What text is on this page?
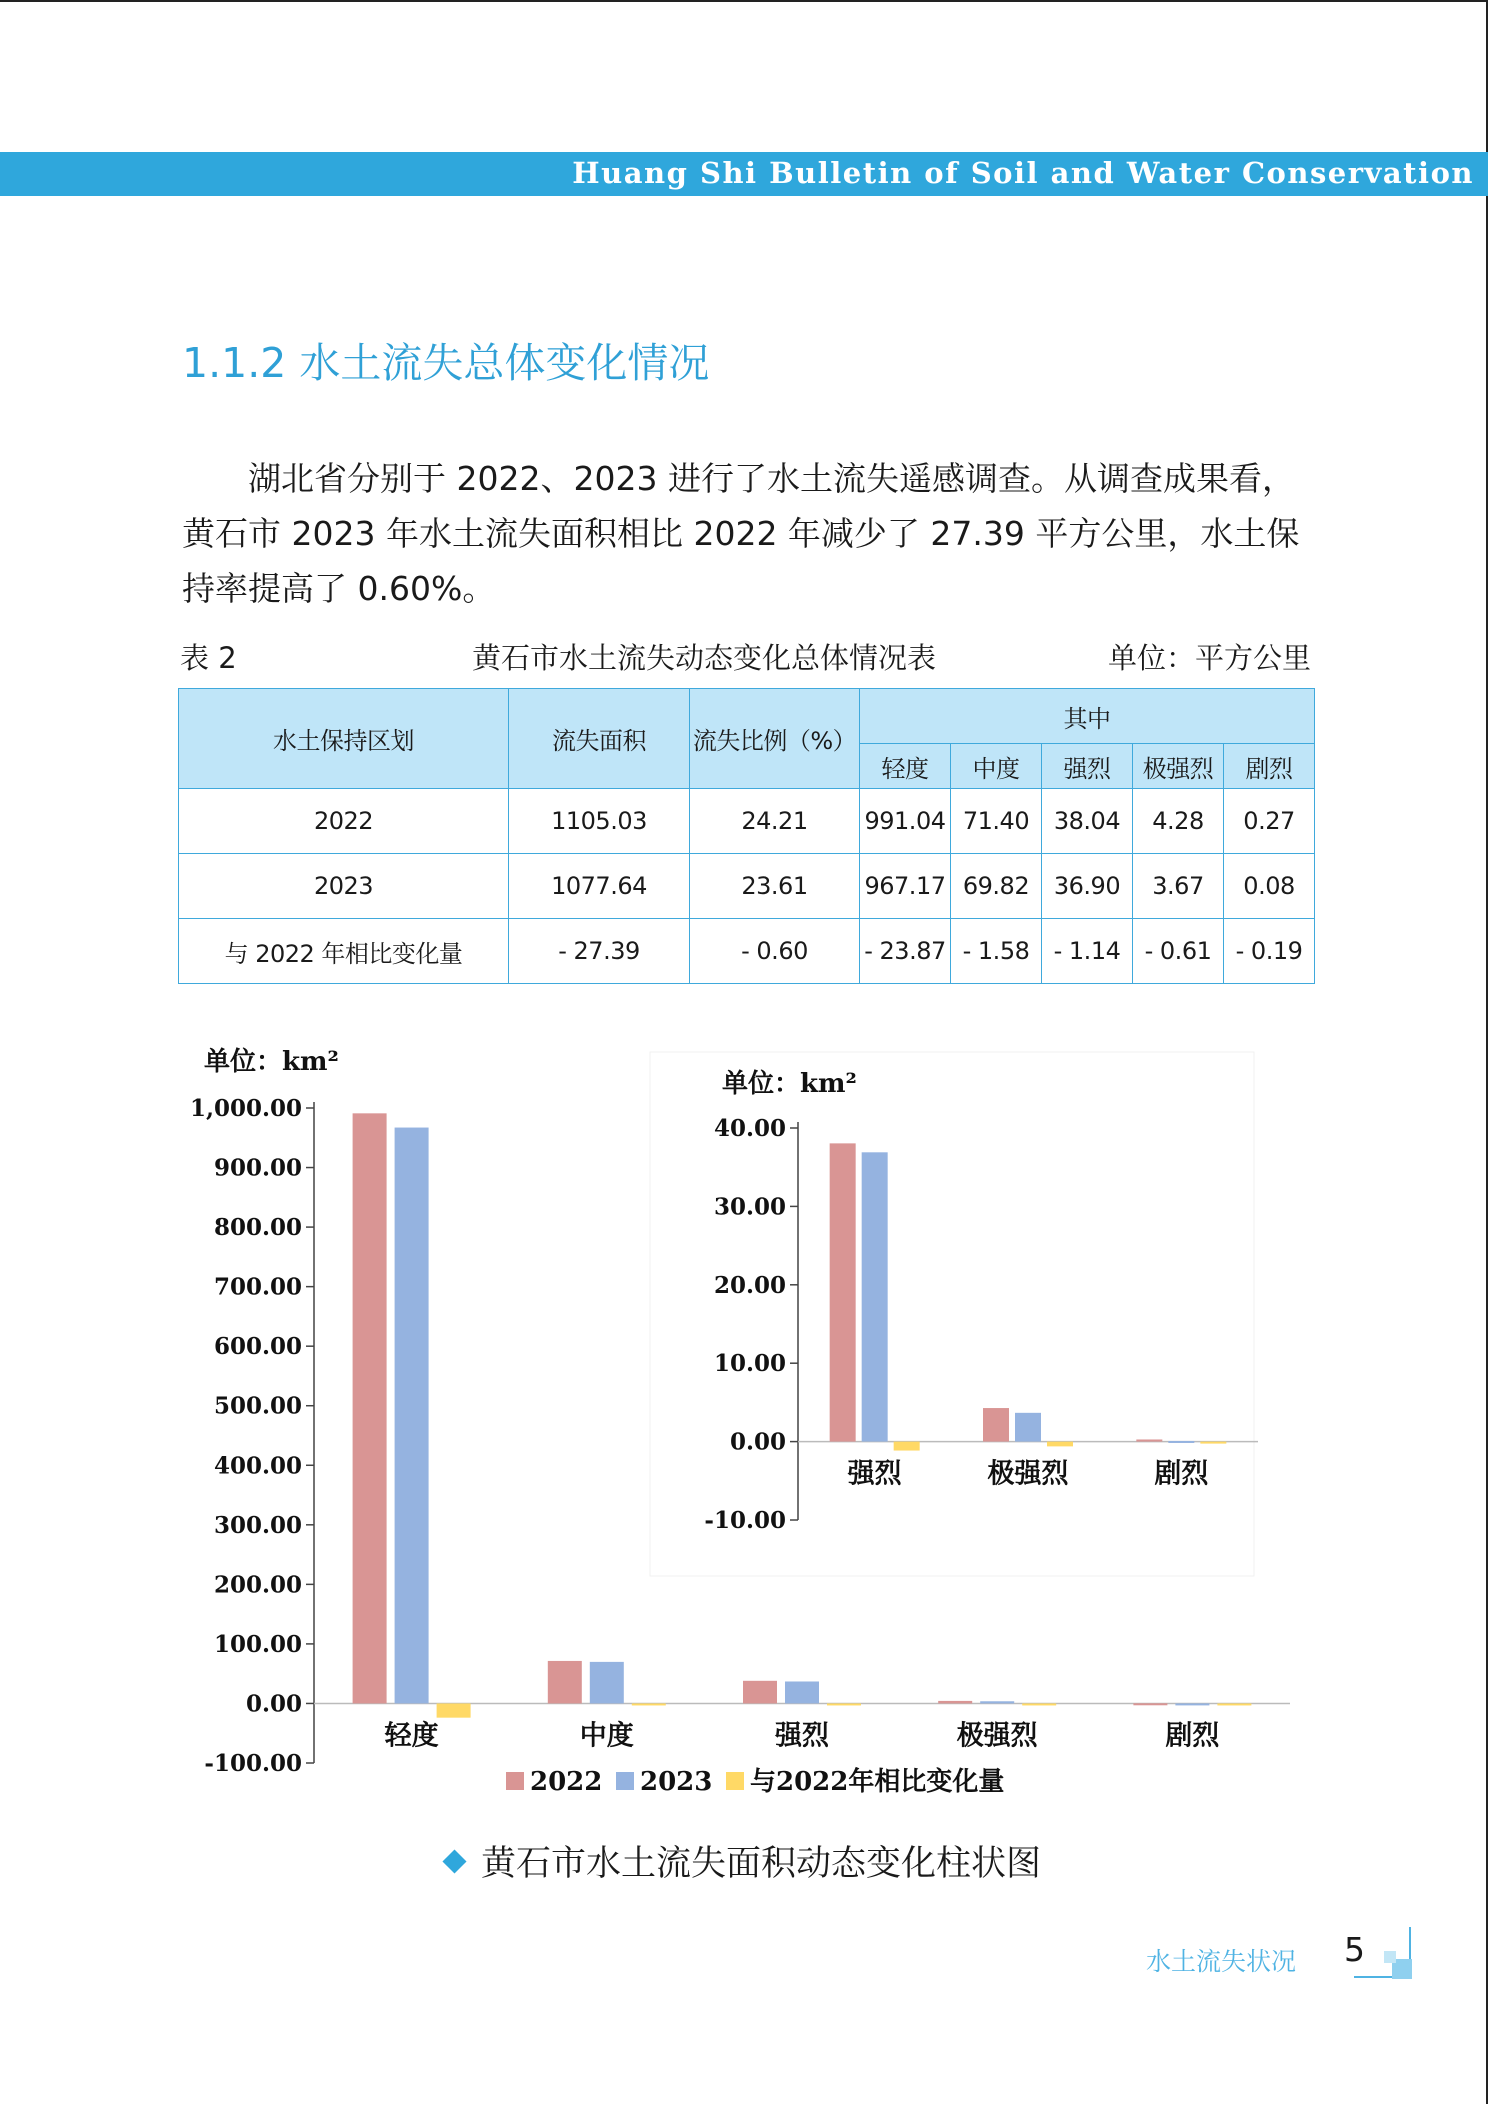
Huang Shi Bulletin of Soil and Water Conservation
1.1.2 水土流失总体变化情况

湖北省分别于 2022、2023 进行了水土流失遥感调查。从调查成果看，黄石市 2023 年水土流失面积相比 2022 年减少了 27.39 平方公里，水土保持率提高了 0.60%。

表 2	黄石市水土流失动态变化总体情况表	单位：平方公里
水土保持区划	流失面积	流失比例（%）	其中				
			轻度	中度	强烈	极强烈	剧烈
2022	1105.03	24.21	991.04	71.40	38.04	4.28	0.27
2023	1077.64	23.61	967.17	69.82	36.90	3.67	0.08
与 2022 年相比变化量	- 27.39	- 0.60	- 23.87	- 1.58	- 1.14	- 0.61	- 0.19
单位：km²
1,000.00
900.00
800.00
700.00
600.00
500.00
400.00
300.00
200.00
100.00
0.00
-100.00
轻度	中度	强烈	极强烈	剧烈
2022 2023 与2022年相比变化量
单位：km²
40.00
30.00
20.00
10.00
0.00
-10.00
强烈	极强烈	剧烈
黄石市水土流失面积动态变化柱状图
水土流失状况 5
